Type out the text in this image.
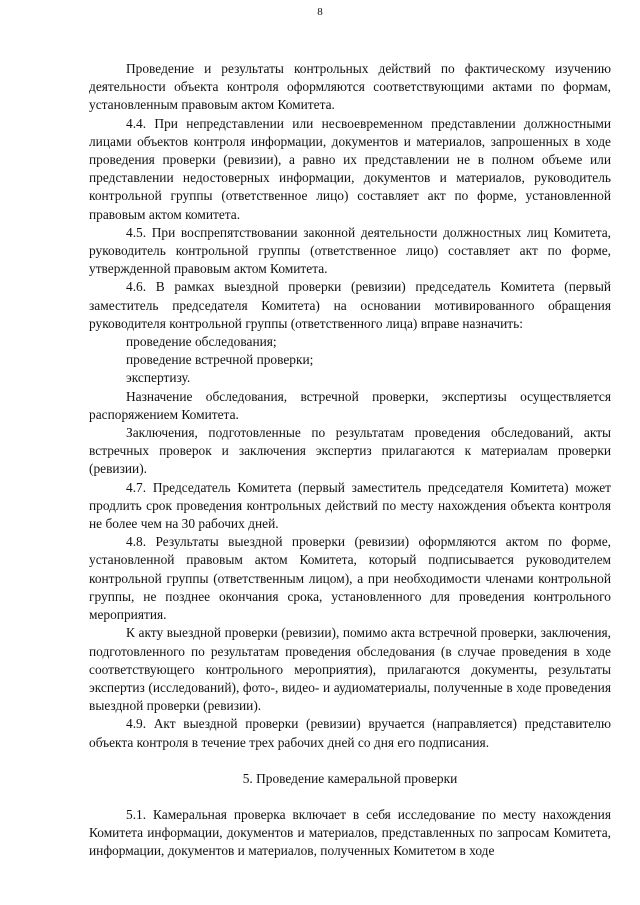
8

Проведение и результаты контрольных действий по фактическому изучению деятельности объекта контроля оформляются соответствующими актами по формам, установленным правовым актом Комитета.

4.4. При непредставлении или несвоевременном представлении должностными лицами объектов контроля информации, документов и материалов, запрошенных в ходе проведения проверки (ревизии), а равно их представлении не в полном объеме или представлении недостоверных информации, документов и материалов, руководитель контрольной группы (ответственное лицо) составляет акт по форме, установленной правовым актом комитета.

4.5. При воспрепятствовании законной деятельности должностных лиц Комитета, руководитель контрольной группы (ответственное лицо) составляет акт по форме, утвержденной правовым актом Комитета.

4.6. В рамках выездной проверки (ревизии) председатель Комитета (первый заместитель председателя Комитета) на основании мотивированного обращения руководителя контрольной группы (ответственного лица) вправе назначить:

проведение обследования;

проведение встречной проверки;

экспертизу.

Назначение обследования, встречной проверки, экспертизы осуществляется распоряжением Комитета.

Заключения, подготовленные по результатам проведения обследований, акты встречных проверок и заключения экспертиз прилагаются к материалам проверки (ревизии).

4.7. Председатель Комитета (первый заместитель председателя Комитета) может продлить срок проведения контрольных действий по месту нахождения объекта контроля не более чем на 30 рабочих дней.

4.8. Результаты выездной проверки (ревизии) оформляются актом по форме, установленной правовым актом Комитета, который подписывается руководителем контрольной группы (ответственным лицом), а при необходимости членами контрольной группы, не позднее окончания срока, установленного для проведения контрольного мероприятия.

К акту выездной проверки (ревизии), помимо акта встречной проверки, заключения, подготовленного по результатам проведения обследования (в случае проведения в ходе соответствующего контрольного мероприятия), прилагаются документы, результаты экспертиз (исследований), фото-, видео- и аудиоматериалы, полученные в ходе проведения выездной проверки (ревизии).

4.9. Акт выездной проверки (ревизии) вручается (направляется) представителю объекта контроля в течение трех рабочих дней со дня его подписания.

5. Проведение камеральной проверки

5.1. Камеральная проверка включает в себя исследование по месту нахождения Комитета информации, документов и материалов, представленных по запросам Комитета, информации, документов и материалов, полученных Комитетом в ходе
